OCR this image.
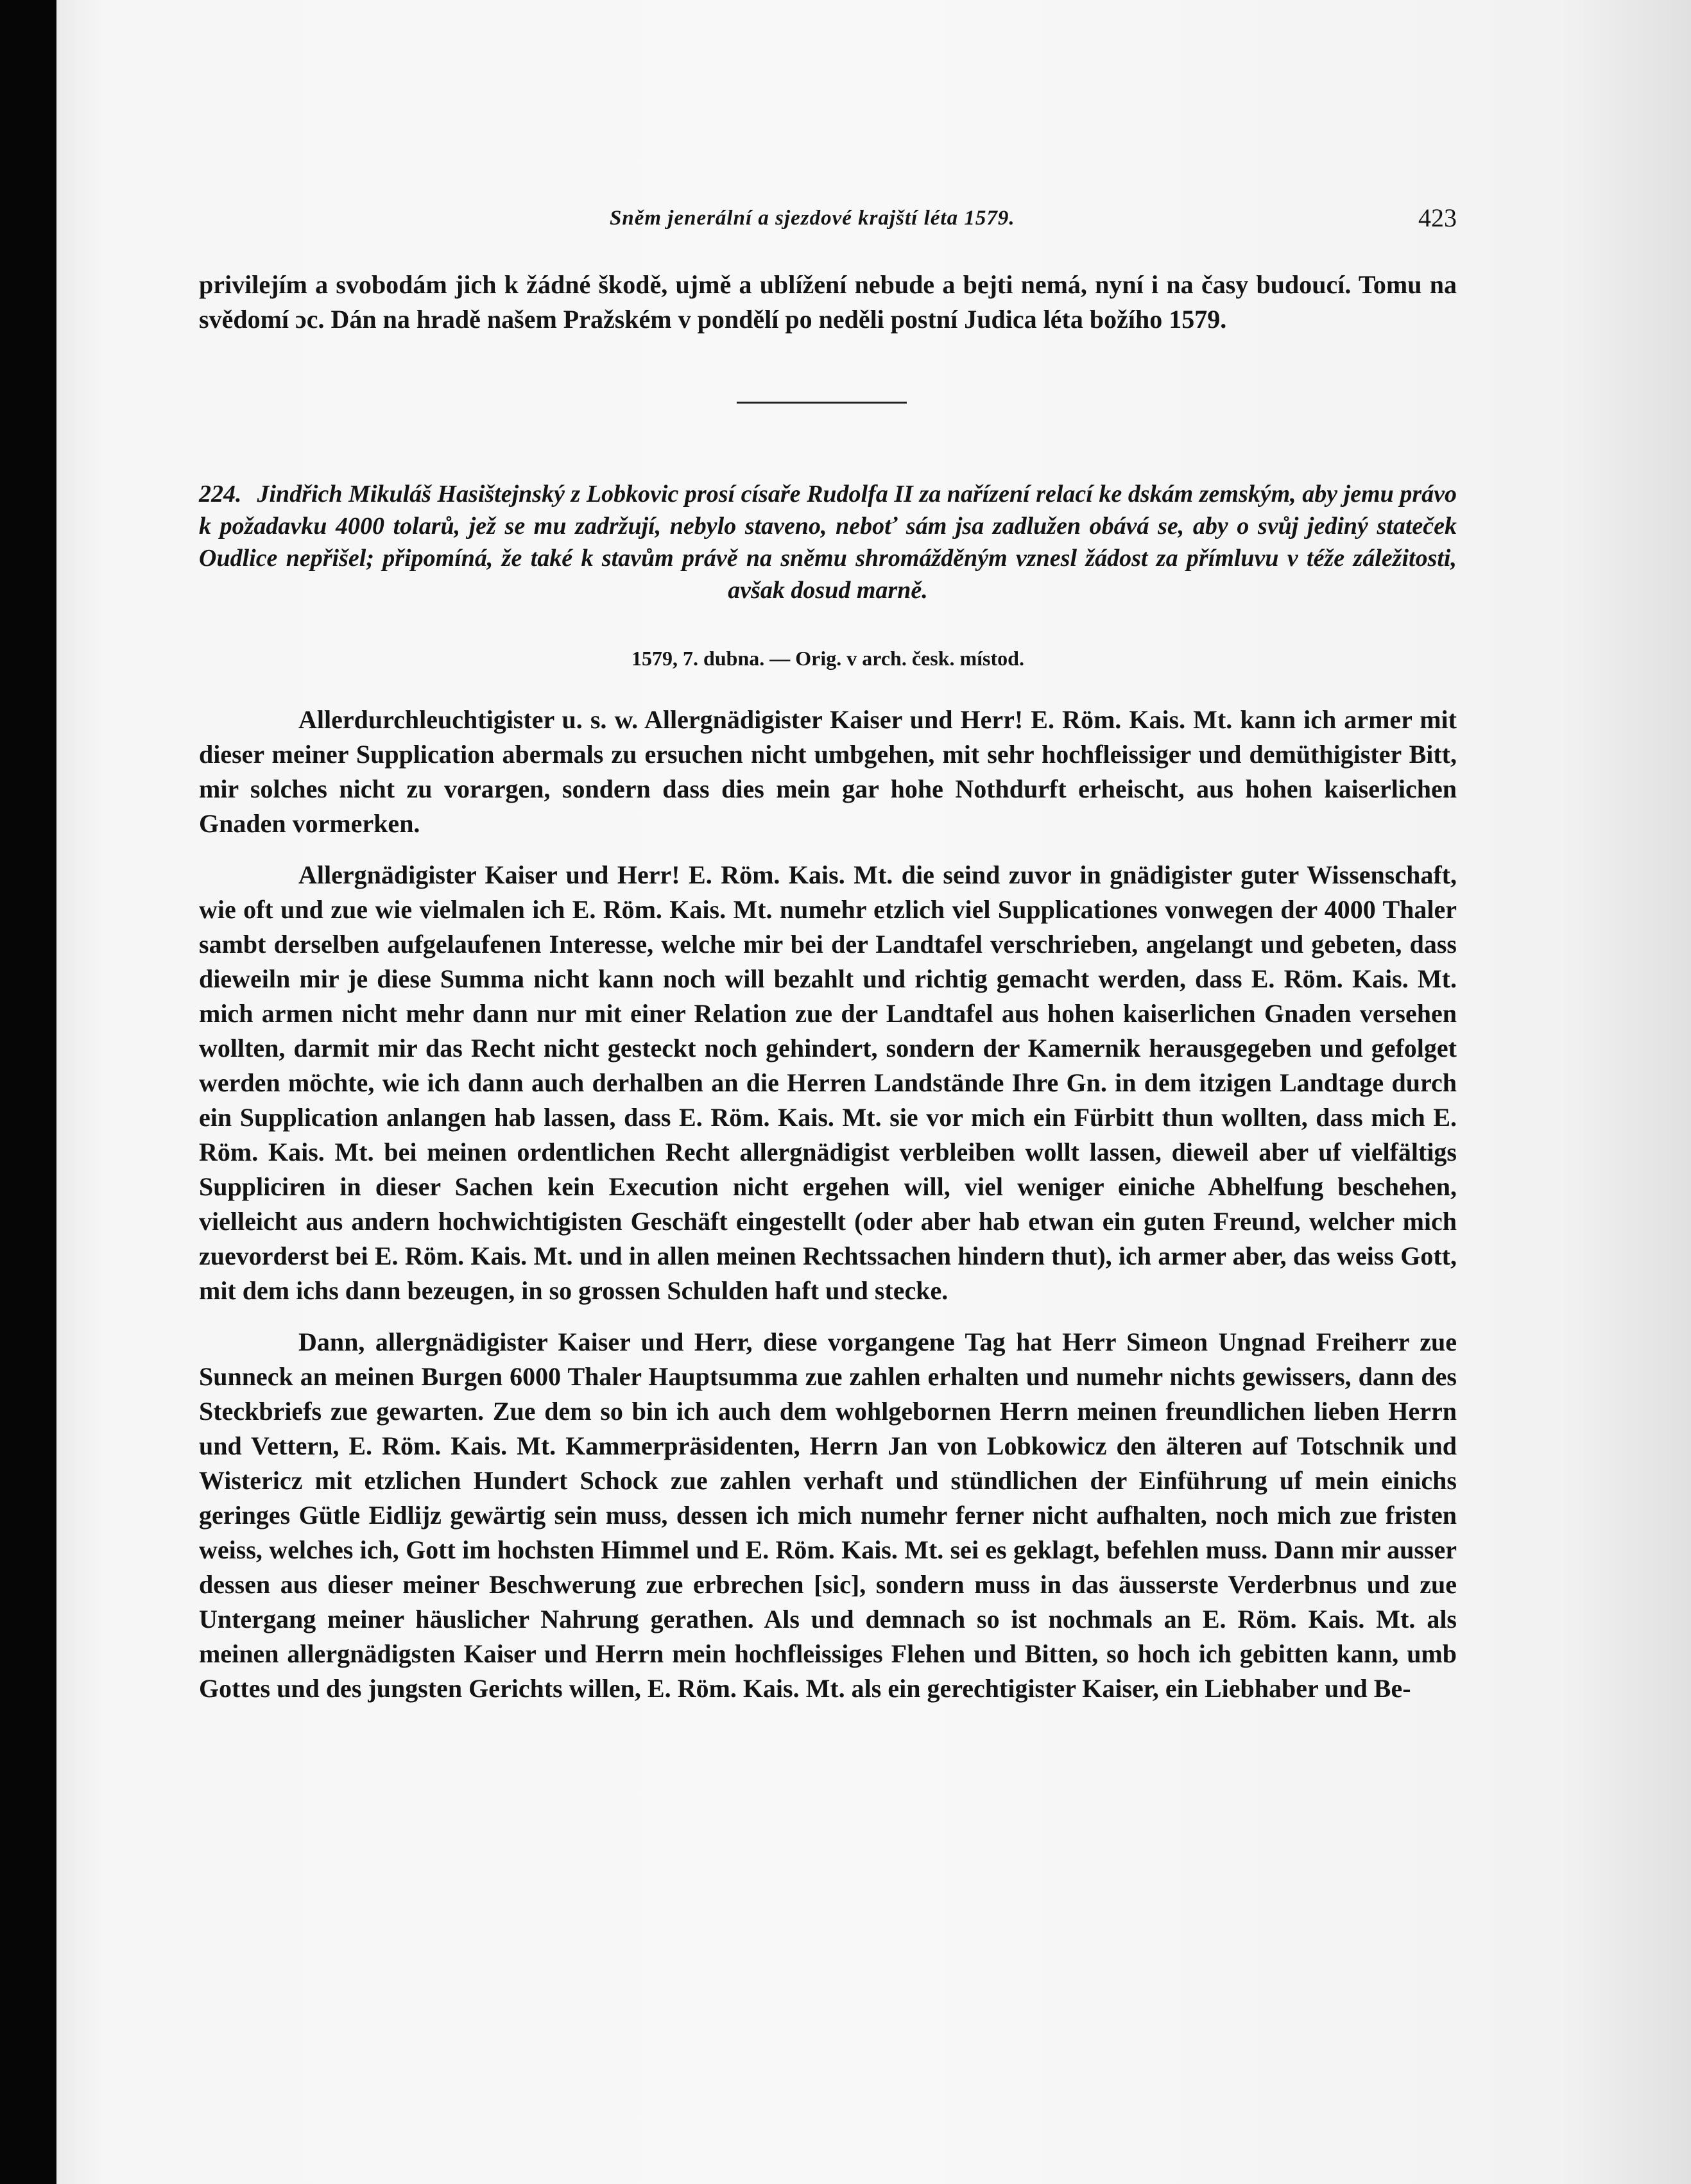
Sněm jenerální a sjezdové krajští léta 1579.	423

privilejím a svobodám jich k žádné škodě, ujmě a ublížení nebude a bejti nemá, nyní i na časy budoucí. Tomu na svědomí ɔc. Dán na hradě našem Pražském v pondělí po neděli postní Judica léta božího 1579.

224. Jindřich Mikuláš Hasištejnský z Lobkovic prosí císaře Rudolfa II za nařízení relací ke dskám zemským, aby jemu právo k požadavku 4000 tolarů, jež se mu zadržují, nebylo staveno, neboť sám jsa zadlužen obává se, aby o svůj jediný stateček Oudlice nepřišel; připomíná, že také k stavům právě na sněmu shromážděným vznesl žádost za přímluvu v téže záležitosti, avšak dosud marně.
1579, 7. dubna. — Orig. v arch. česk. místod.

Allerdurchleuchtigister u. s. w. Allergnädigister Kaiser und Herr! E. Röm. Kais. Mt. kann ich armer mit dieser meiner Supplication abermals zu ersuchen nicht umbgehen, mit sehr hochfleissiger und demüthigister Bitt, mir solches nicht zu vorargen, sondern dass dies mein gar hohe Nothdurft erheischt, aus hohen kaiserlichen Gnaden vormerken.

Allergnädigister Kaiser und Herr! E. Röm. Kais. Mt. die seind zuvor in gnädigister guter Wissenschaft, wie oft und zue wie vielmalen ich E. Röm. Kais. Mt. numehr etzlich viel Supplicationes vonwegen der 4000 Thaler sambt derselben aufgelaufenen Interesse, welche mir bei der Landtafel verschrieben, angelangt und gebeten, dass dieweiln mir je diese Summa nicht kann noch will bezahlt und richtig gemacht werden, dass E. Röm. Kais. Mt. mich armen nicht mehr dann nur mit einer Relation zue der Landtafel aus hohen kaiserlichen Gnaden versehen wollten, darmit mir das Recht nicht gesteckt noch gehindert, sondern der Kamernik herausgegeben und gefolget werden möchte, wie ich dann auch derhalben an die Herren Landstände Ihre Gn. in dem itzigen Landtage durch ein Supplication anlangen hab lassen, dass E. Röm. Kais. Mt. sie vor mich ein Fürbitt thun wollten, dass mich E. Röm. Kais. Mt. bei meinen ordentlichen Recht allergnädigist verbleiben wollt lassen, dieweil aber uf vielfältigs Suppliciren in dieser Sachen kein Execution nicht ergehen will, viel weniger einiche Abhelfung beschehen, vielleicht aus andern hochwichtigisten Geschäft eingestellt (oder aber hab etwan ein guten Freund, welcher mich zuevorderst bei E. Röm. Kais. Mt. und in allen meinen Rechtssachen hindern thut), ich armer aber, das weiss Gott, mit dem ichs dann bezeugen, in so grossen Schulden haft und stecke.

Dann, allergnädigister Kaiser und Herr, diese vorgangene Tag hat Herr Simeon Ungnad Freiherr zue Sunneck an meinen Burgen 6000 Thaler Hauptsumma zue zahlen erhalten und numehr nichts gewissers, dann des Steckbriefs zue gewarten. Zue dem so bin ich auch dem wohlgebornen Herrn meinen freundlichen lieben Herrn und Vettern, E. Röm. Kais. Mt. Kammerpräsidenten, Herrn Jan von Lobkowicz den älteren auf Totschnik und Wistericz mit etzlichen Hundert Schock zue zahlen verhaft und stündlichen der Einführung uf mein einichs geringes Gütle Eidlijz gewärtig sein muss, dessen ich mich numehr ferner nicht aufhalten, noch mich zue fristen weiss, welches ich, Gott im hochsten Himmel und E. Röm. Kais. Mt. sei es geklagt, befehlen muss. Dann mir ausser dessen aus dieser meiner Beschwerung zue erbrechen [sic], sondern muss in das äusserste Verderbnus und zue Untergang meiner häuslicher Nahrung gerathen. Als und demnach so ist nochmals an E. Röm. Kais. Mt. als meinen allergnädigsten Kaiser und Herrn mein hochfleissiges Flehen und Bitten, so hoch ich gebitten kann, umb Gottes und des jungsten Gerichts willen, E. Röm. Kais. Mt. als ein gerechtigister Kaiser, ein Liebhaber und Be-
